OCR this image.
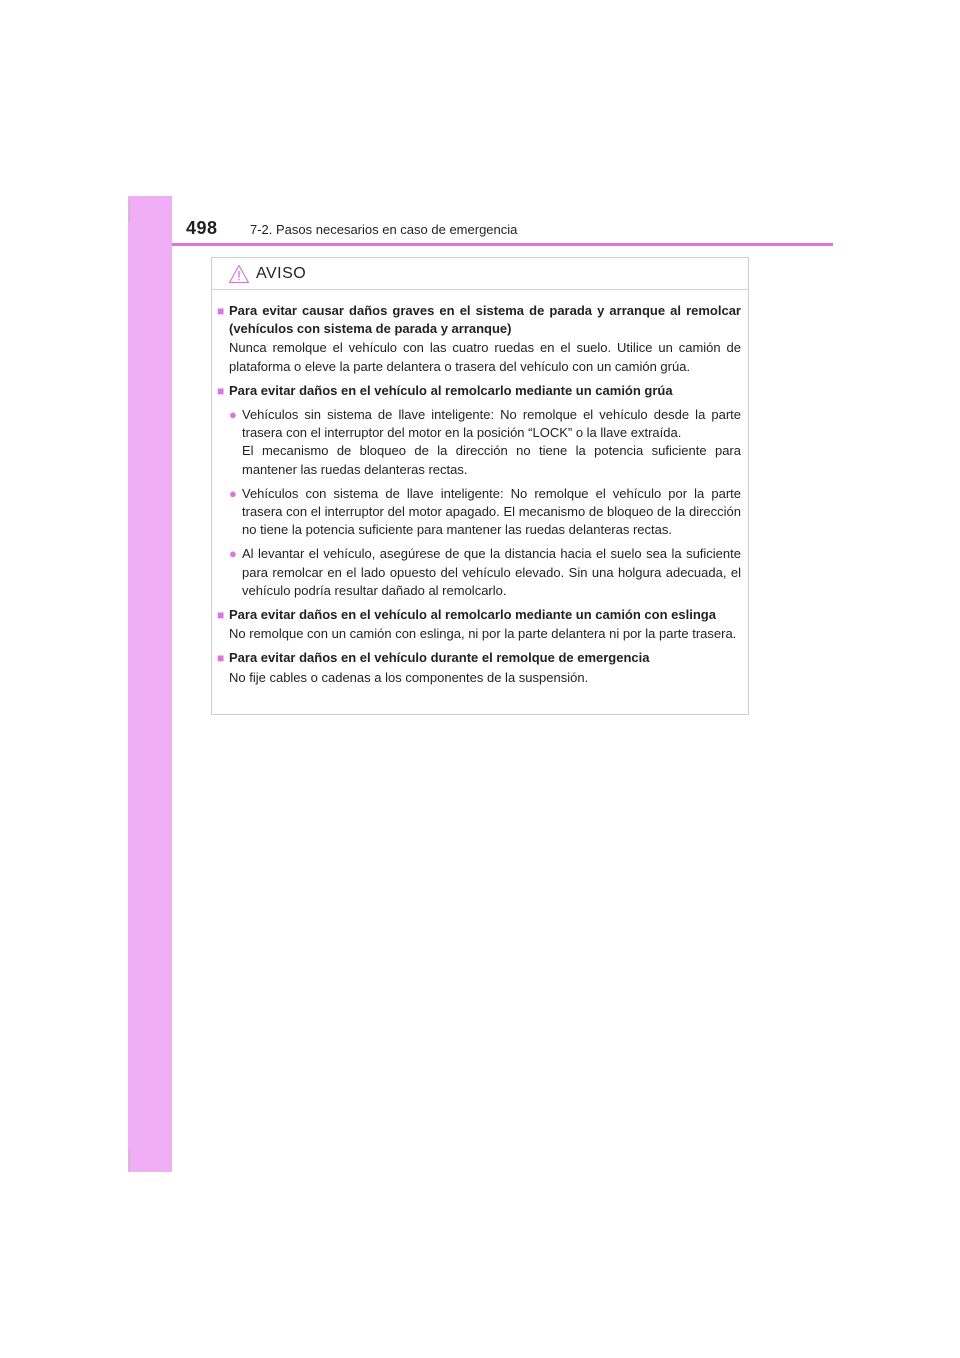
498	7-2. Pasos necesarios en caso de emergencia
AVISO
■ Para evitar causar daños graves en el sistema de parada y arranque al remolcar (vehículos con sistema de parada y arranque)
Nunca remolque el vehículo con las cuatro ruedas en el suelo. Utilice un camión de plataforma o eleve la parte delantera o trasera del vehículo con un camión grúa.
■ Para evitar daños en el vehículo al remolcarlo mediante un camión grúa
● Vehículos sin sistema de llave inteligente: No remolque el vehículo desde la parte trasera con el interruptor del motor en la posición “LOCK” o la llave extraída.
El mecanismo de bloqueo de la dirección no tiene la potencia suficiente para mantener las ruedas delanteras rectas.
● Vehículos con sistema de llave inteligente: No remolque el vehículo por la parte trasera con el interruptor del motor apagado. El mecanismo de bloqueo de la dirección no tiene la potencia suficiente para mantener las ruedas delanteras rectas.
● Al levantar el vehículo, asegúrese de que la distancia hacia el suelo sea la suficiente para remolcar en el lado opuesto del vehículo elevado. Sin una holgura adecuada, el vehículo podría resultar dañado al remolcarlo.
■ Para evitar daños en el vehículo al remolcarlo mediante un camión con eslinga
No remolque con un camión con eslinga, ni por la parte delantera ni por la parte trasera.
■ Para evitar daños en el vehículo durante el remolque de emergencia
No fije cables o cadenas a los componentes de la suspensión.
